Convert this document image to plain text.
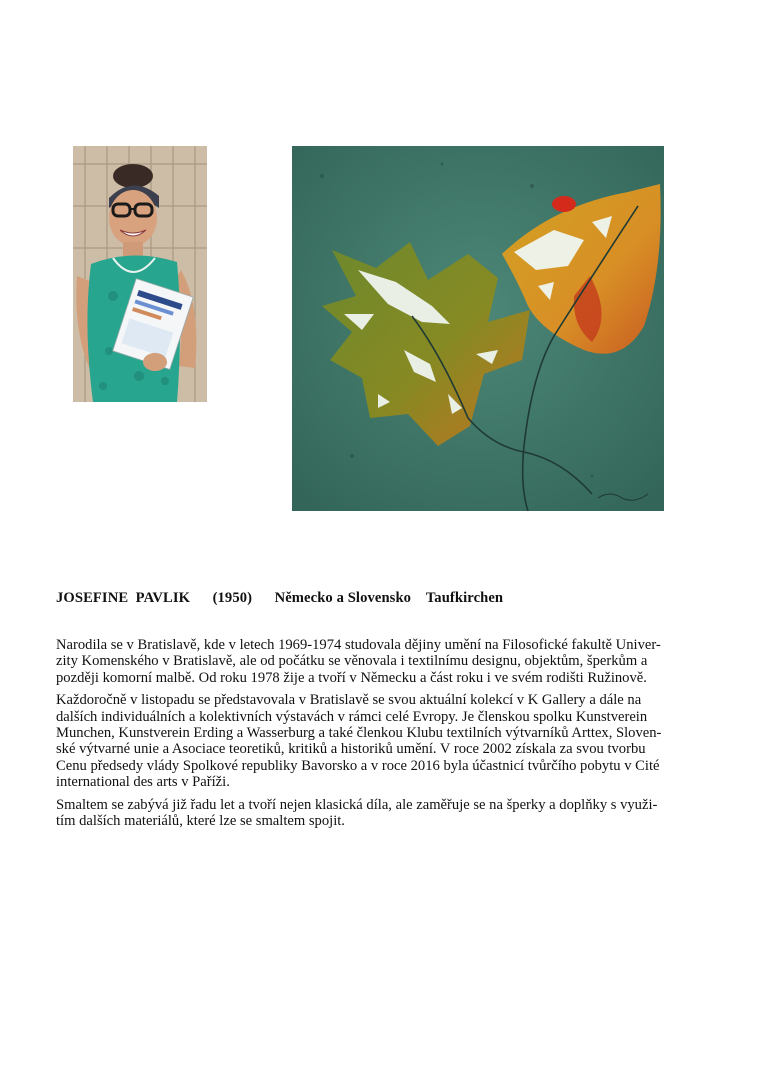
JOSEFINE  PAVLIK (1950) Německo a Slovensko Taufkirchen

Narodila se v Bratislavě, kde v letech 1969-1974 studovala dějiny umění na Filosofické fakultě Univer-
zity Komenského v Bratislavě, ale od počátku se věnovala i textilnímu designu, objektům, šperkům a
později komorní malbě. Od roku 1978 žije a tvoří v Německu a část roku i ve svém rodišti Ružinově.

Každoročně v listopadu se představovala v Bratislavě se svou aktuální kolekcí v K Gallery a dále na
dalších individuálních a kolektivních výstavách v rámci celé Evropy. Je členskou spolku Kunstverein
Munchen, Kunstverein Erding a Wasserburg a také členkou Klubu textilních výtvarníků Arttex, Sloven-
ské výtvarné unie a Asociace teoretiků, kritiků a historiků umění. V roce 2002 získala za svou tvorbu
Cenu předsedy vlády Spolkové republiky Bavorsko a v roce 2016 byla účastnicí tvůrčího pobytu v Cité
international des arts v Paříži.

Smaltem se zabývá již řadu let a tvoří nejen klasická díla, ale zaměřuje se na šperky a doplňky s využi-
tím dalších materiálů, které lze se smaltem spojit.
